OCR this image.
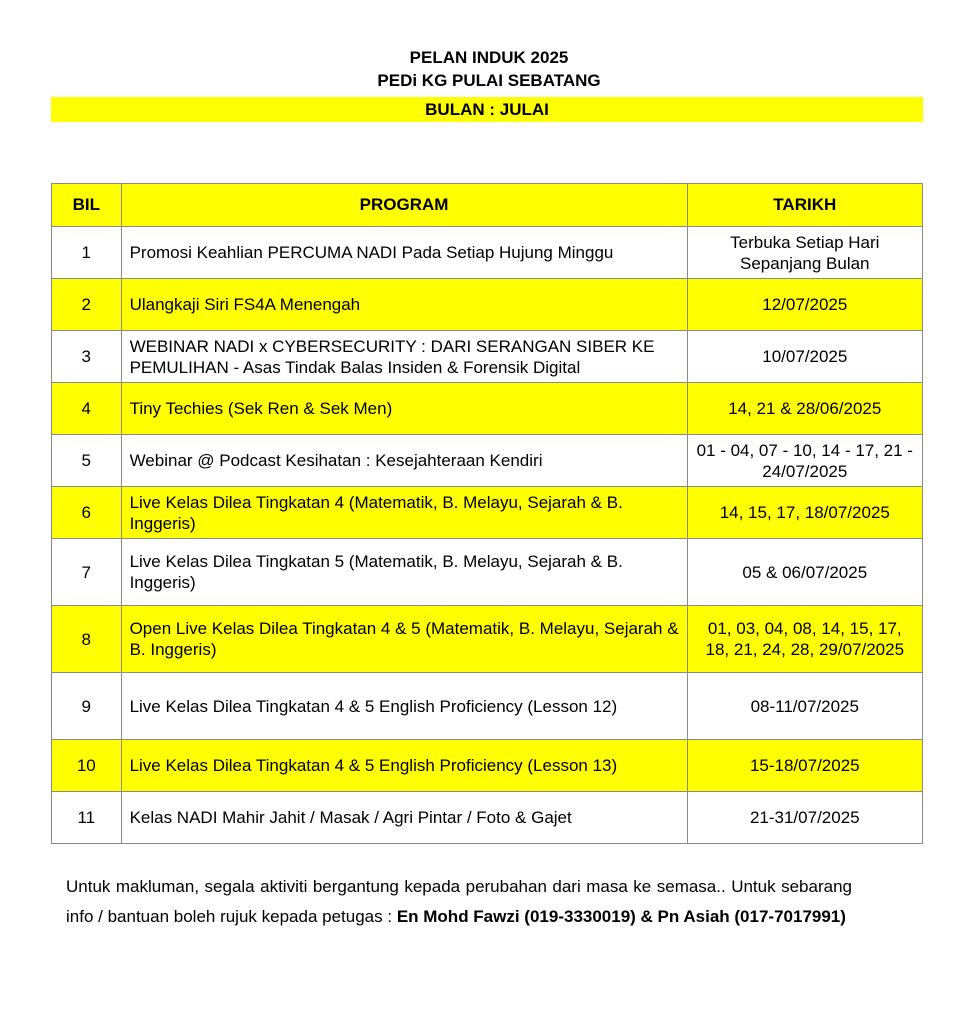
PELAN INDUK 2025
PEDi KG PULAI SEBATANG
BULAN : JULAI
BIL	PROGRAM	TARIKH
1	Promosi Keahlian PERCUMA NADI Pada Setiap Hujung Minggu	Terbuka Setiap Hari Sepanjang Bulan
2	Ulangkaji Siri FS4A Menengah	12/07/2025
3	WEBINAR NADI x CYBERSECURITY : DARI SERANGAN SIBER KE PEMULIHAN - Asas Tindak Balas Insiden & Forensik Digital	10/07/2025
4	Tiny Techies (Sek Ren & Sek Men)	14, 21 & 28/06/2025
5	Webinar @ Podcast Kesihatan : Kesejahteraan Kendiri	01 - 04, 07 - 10, 14 - 17, 21 - 24/07/2025
6	Live Kelas Dilea Tingkatan 4 (Matematik, B. Melayu, Sejarah & B. Inggeris)	14, 15, 17, 18/07/2025
7	Live Kelas Dilea Tingkatan 5 (Matematik, B. Melayu, Sejarah & B. Inggeris)	05 & 06/07/2025
8	Open Live Kelas Dilea Tingkatan 4 & 5 (Matematik, B. Melayu, Sejarah & B. Inggeris)	01, 03, 04, 08, 14, 15, 17, 18, 21, 24, 28, 29/07/2025
9	Live Kelas Dilea Tingkatan 4 & 5 English Proficiency (Lesson 12)	08-11/07/2025
10	Live Kelas Dilea Tingkatan 4 & 5 English Proficiency (Lesson 13)	15-18/07/2025
11	Kelas NADI Mahir Jahit / Masak / Agri Pintar / Foto & Gajet	21-31/07/2025
Untuk makluman, segala aktiviti bergantung kepada perubahan dari masa ke semasa.. Untuk sebarang info / bantuan boleh rujuk kepada petugas : En Mohd Fawzi (019-3330019) & Pn Asiah (017-7017991)
